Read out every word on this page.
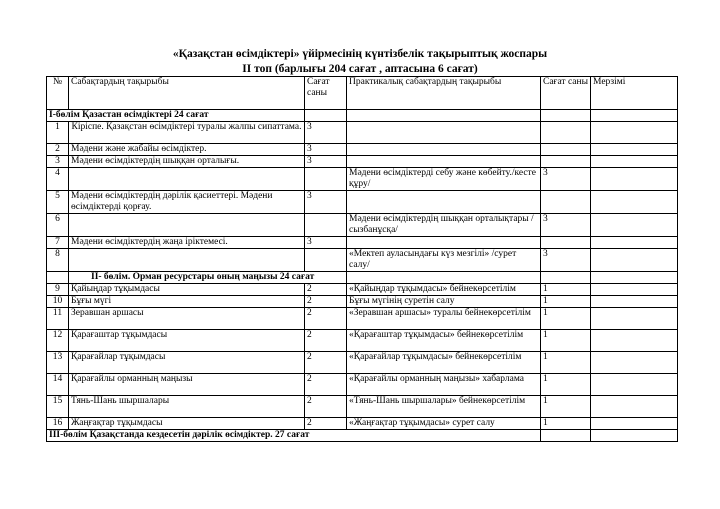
«Қазақстан өсімдіктері» үйірмесінің күнтізбелік тақырыптық жоспары
ІІ топ (барлығы 204 сағат , аптасына 6 сағат)
№	Сабақтардың тақырыбы	Сағат саны	Практикалық сабақтардың тақырыбы	Сағат саны	Мерзімі
І-бөлім Қазастан өсімдіктері 24 сағат					
1	Кіріспе. Қазақстан өсімдіктері туралы жалпы сипаттама.	3			
2	Мәдени және жабайы өсімдіктер.	3			
3	Мәдени өсімдіктердің шыққан орталығы.	3			
4			Мәдени өсімдіктерді себу және көбейту./кесте құру/	3	
5	Мәдени өсімдіктердің дәрілік қасиеттері. Мәдени өсімдіктерді қорғау.	3			
6			Мәдени өсімдіктердің шыққан орталықтары /сызбанұсқа/	3	
7	Мәдени өсімдіктердің жаңа іріктемесі.	3			
8			«Мектеп ауласындағы күз мезгілі» /сурет салу/	3	
	ІІ- бөлім. Орман ресурстары оның маңызы 24 сағат				
9	Қайыңдар тұқымдасы	2	«Қайыңдар тұқымдасы» бейнекөрсетілім	1	
10	Бұғы мүгі	2	Бұғы мүгінің суретін салу	1	
11	Зеравшан аршасы	2	«Зеравшан аршасы» туралы бейнекөрсетілім	1	
12	Қарағаштар тұқымдасы	2	«Қарағаштар тұқымдасы» бейнекөрсетілім	1	
13	Қарағайлар тұқымдасы	2	«Қарағайлар тұқымдасы» бейнекөрсетілім	1	
14	Қарағайлы орманның маңызы	2	«Қарағайлы орманның маңызы» хабарлама	1	
15	Тянь-Шань шыршалары	2	«Тянь-Шань шыршалары» бейнекөрсетілім	1	
16	Жаңғақтар тұқымдасы	2	«Жаңғақтар тұқымдасы» сурет салу	1	
ІІІ-бөлім Қазақстанда кездесетін дәрілік өсімдіктер. 27 сағат					
